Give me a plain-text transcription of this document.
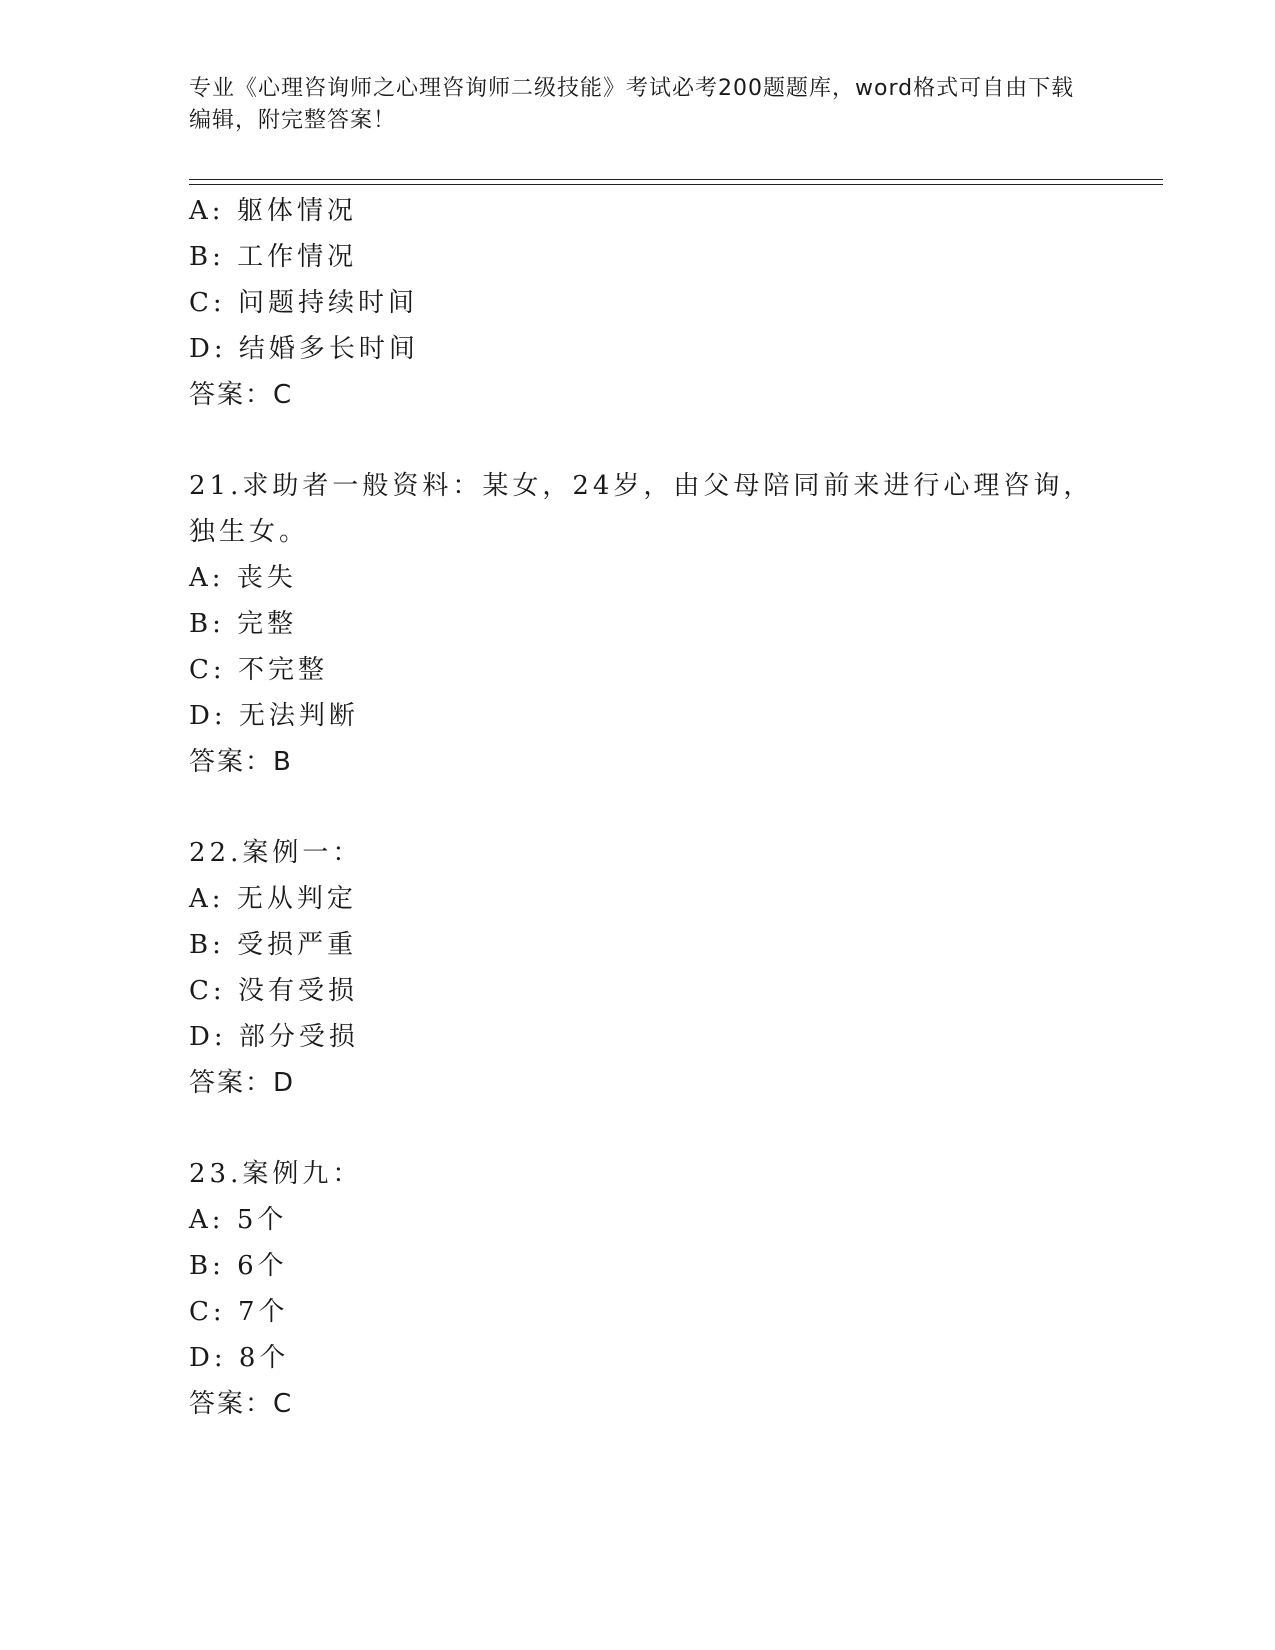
专业《心理咨询师之心理咨询师二级技能》考试必考200题题库，word格式可自由下载编辑，附完整答案！
A: 躯体情况
B: 工作情况
C: 问题持续时间
D: 结婚多长时间
答案：C
21.求助者一般资料：某女，24岁，由父母陪同前来进行心理咨询，独生女。
A: 丧失
B: 完整
C: 不完整
D: 无法判断
答案：B
22.案例一：
A: 无从判定
B: 受损严重
C: 没有受损
D: 部分受损
答案：D
23.案例九：
A: 5个
B: 6个
C: 7个
D: 8个
答案：C
